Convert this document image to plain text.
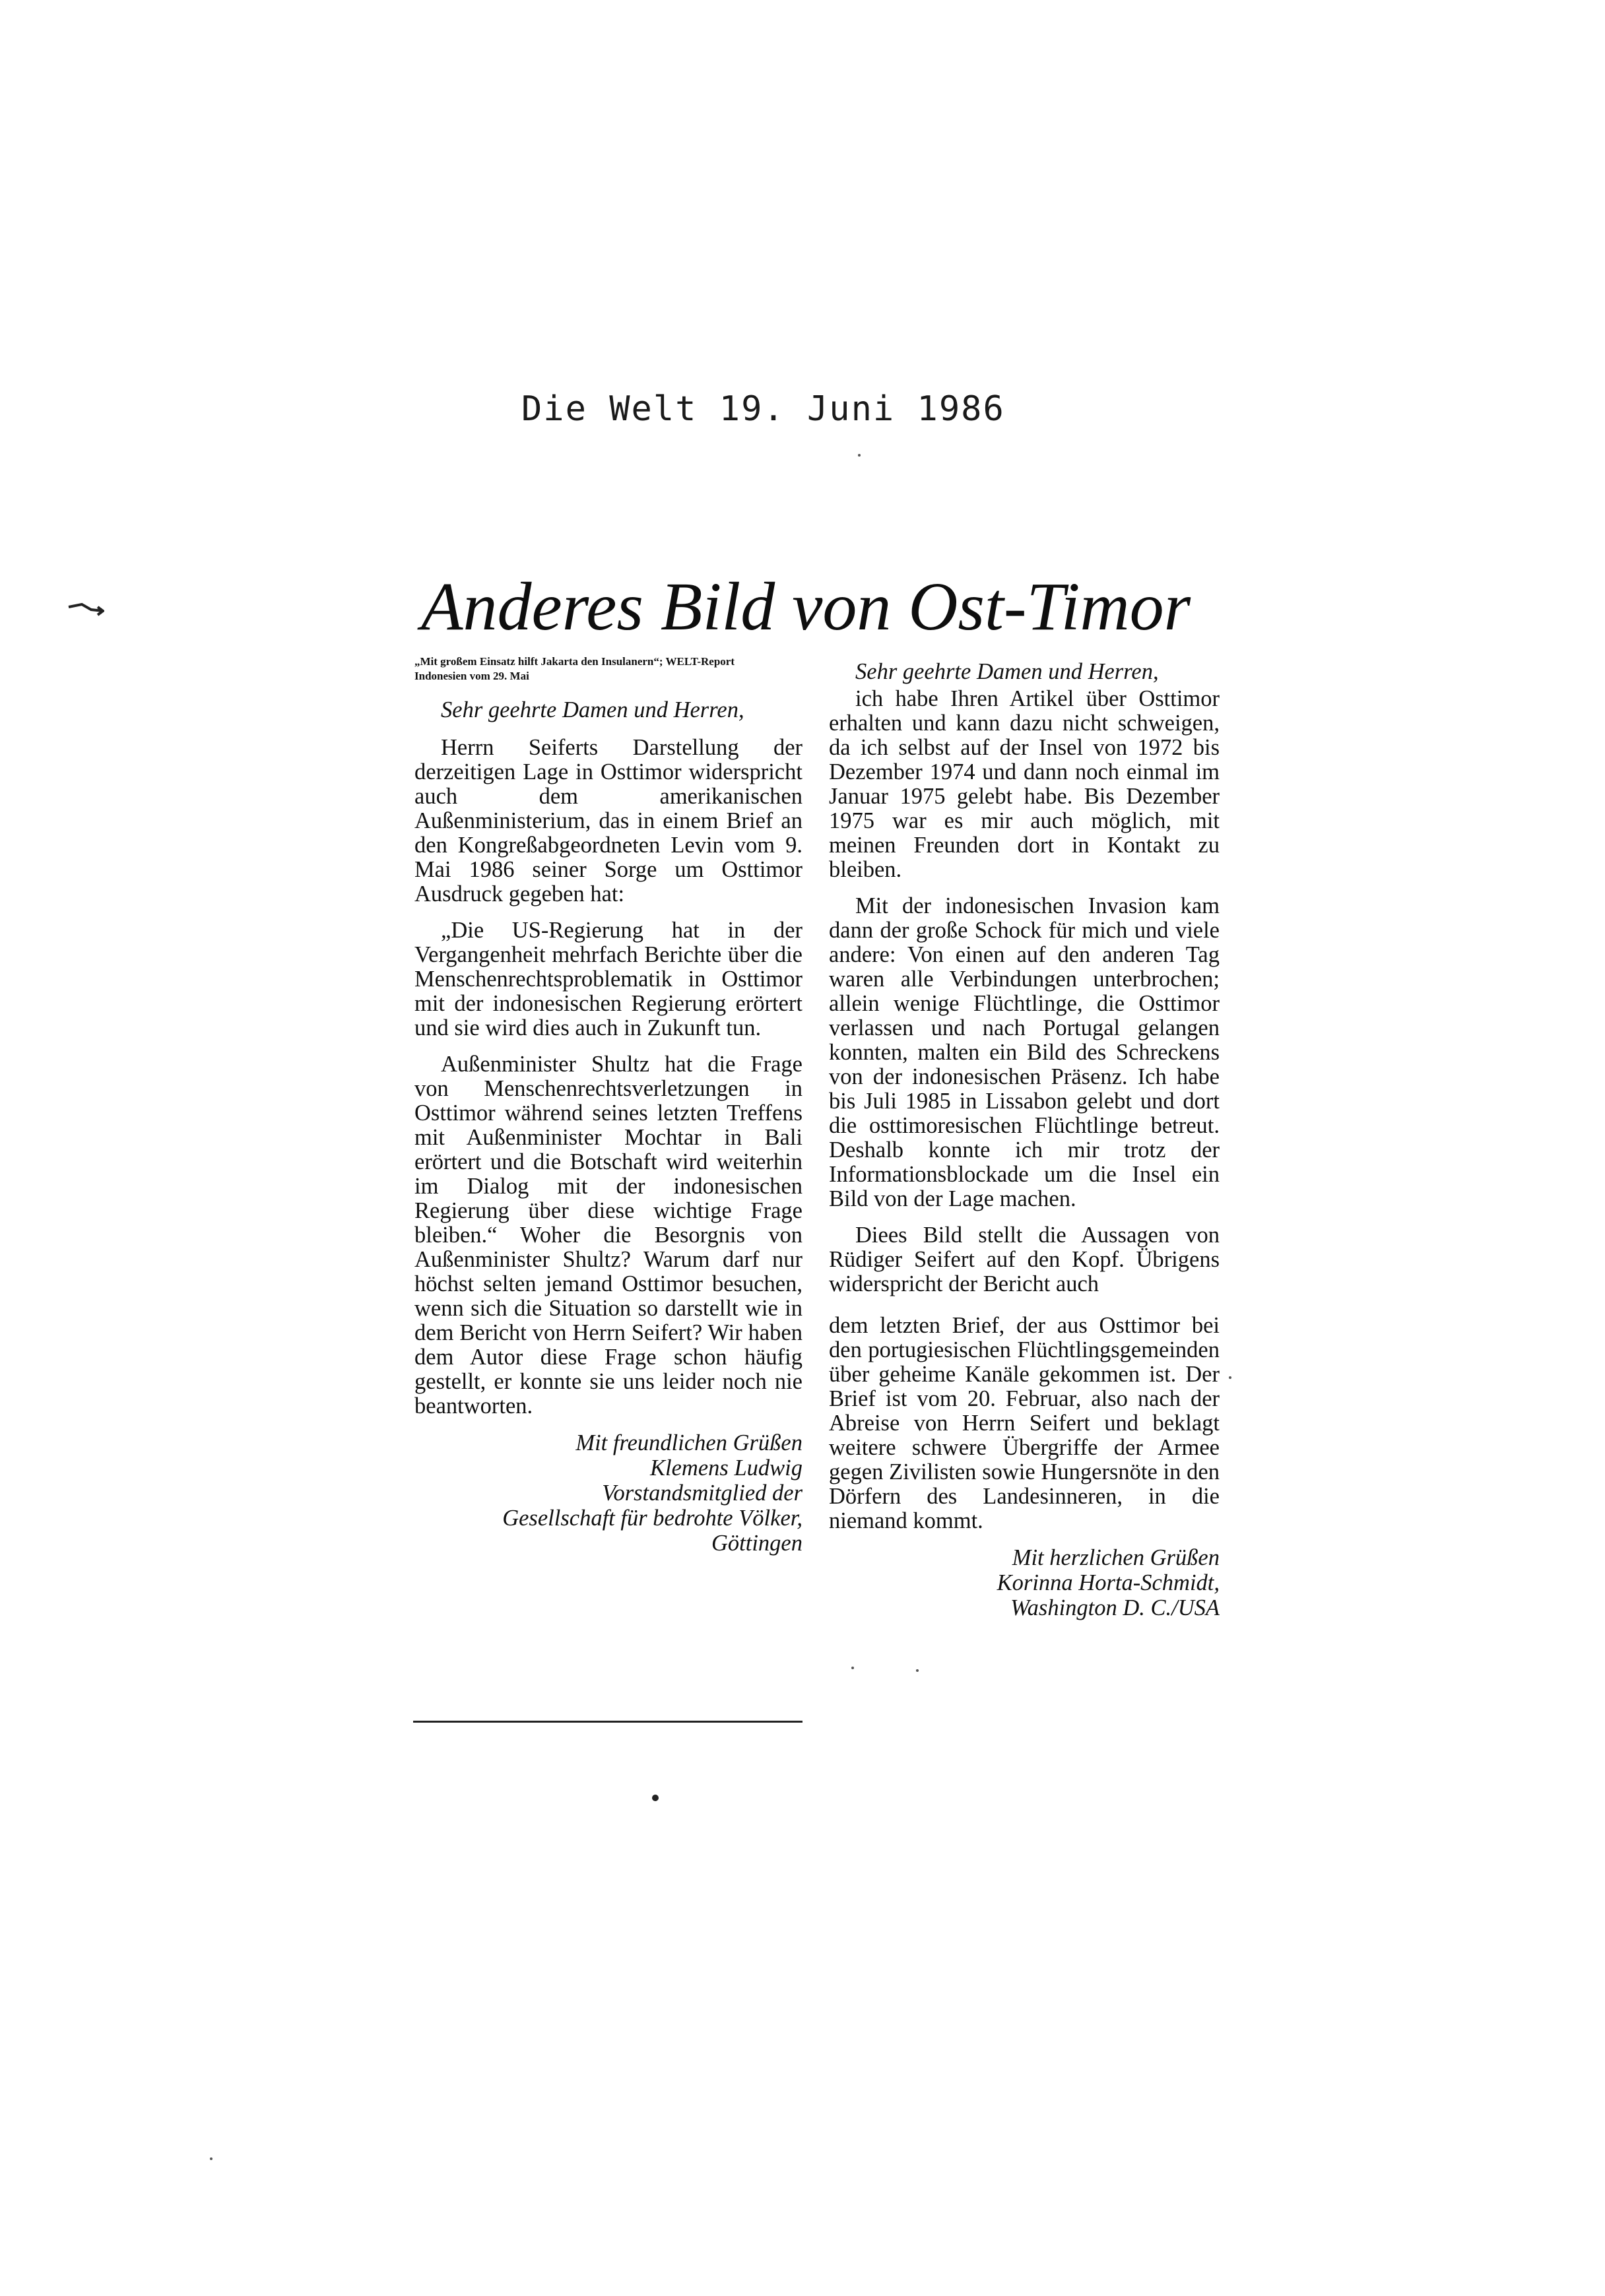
Die Welt 19. Juni 1986
Anderes Bild von Ost-Timor

„Mit großem Einsatz hilft Jakarta den Insulanern“; WELT-Report Indonesien vom 29. Mai

Sehr geehrte Damen und Herren,

Herrn Seiferts Darstellung der derzeitigen Lage in Osttimor widerspricht auch dem amerikanischen Außenministerium, das in einem Brief an den Kongreßabgeordneten Levin vom 9. Mai 1986 seiner Sorge um Osttimor Ausdruck gegeben hat:

„Die US-Regierung hat in der Vergangenheit mehrfach Berichte über die Menschenrechtsproblematik in Osttimor mit der indonesischen Regierung erörtert und sie wird dies auch in Zukunft tun.

Außenminister Shultz hat die Frage von Menschenrechtsverletzungen in Osttimor während seines letzten Treffens mit Außenminister Mochtar in Bali erörtert und die Botschaft wird weiterhin im Dialog mit der indonesischen Regierung über diese wichtige Frage bleiben.“ Woher die Besorgnis von Außenminister Shultz? Warum darf nur höchst selten jemand Osttimor besuchen, wenn sich die Situation so darstellt wie in dem Bericht von Herrn Seifert? Wir haben dem Autor diese Frage schon häufig gestellt, er konnte sie uns leider noch nie beantworten.

Mit freundlichen Grüßen
Klemens Ludwig
Vorstandsmitglied der
Gesellschaft für bedrohte Völker,
Göttingen

Sehr geehrte Damen und Herren,

ich habe Ihren Artikel über Osttimor erhalten und kann dazu nicht schweigen, da ich selbst auf der Insel von 1972 bis Dezember 1974 und dann noch einmal im Januar 1975 gelebt habe. Bis Dezember 1975 war es mir auch möglich, mit meinen Freunden dort in Kontakt zu bleiben.

Mit der indonesischen Invasion kam dann der große Schock für mich und viele andere: Von einen auf den anderen Tag waren alle Verbindungen unterbrochen; allein wenige Flüchtlinge, die Osttimor verlassen und nach Portugal gelangen konnten, malten ein Bild des Schreckens von der indonesischen Präsenz. Ich habe bis Juli 1985 in Lissabon gelebt und dort die osttimoresischen Flüchtlinge betreut. Deshalb konnte ich mir trotz der Informationsblockade um die Insel ein Bild von der Lage machen.

Diees Bild stellt die Aussagen von Rüdiger Seifert auf den Kopf. Übrigens widerspricht der Bericht auch

dem letzten Brief, der aus Osttimor bei den portugiesischen Flüchtlingsgemeinden über geheime Kanäle gekommen ist. Der Brief ist vom 20. Februar, also nach der Abreise von Herrn Seifert und beklagt weitere schwere Übergriffe der Armee gegen Zivilisten sowie Hungersnöte in den Dörfern des Landesinneren, in die niemand kommt.

Mit herzlichen Grüßen
Korinna Horta-Schmidt,
Washington D. C./USA
